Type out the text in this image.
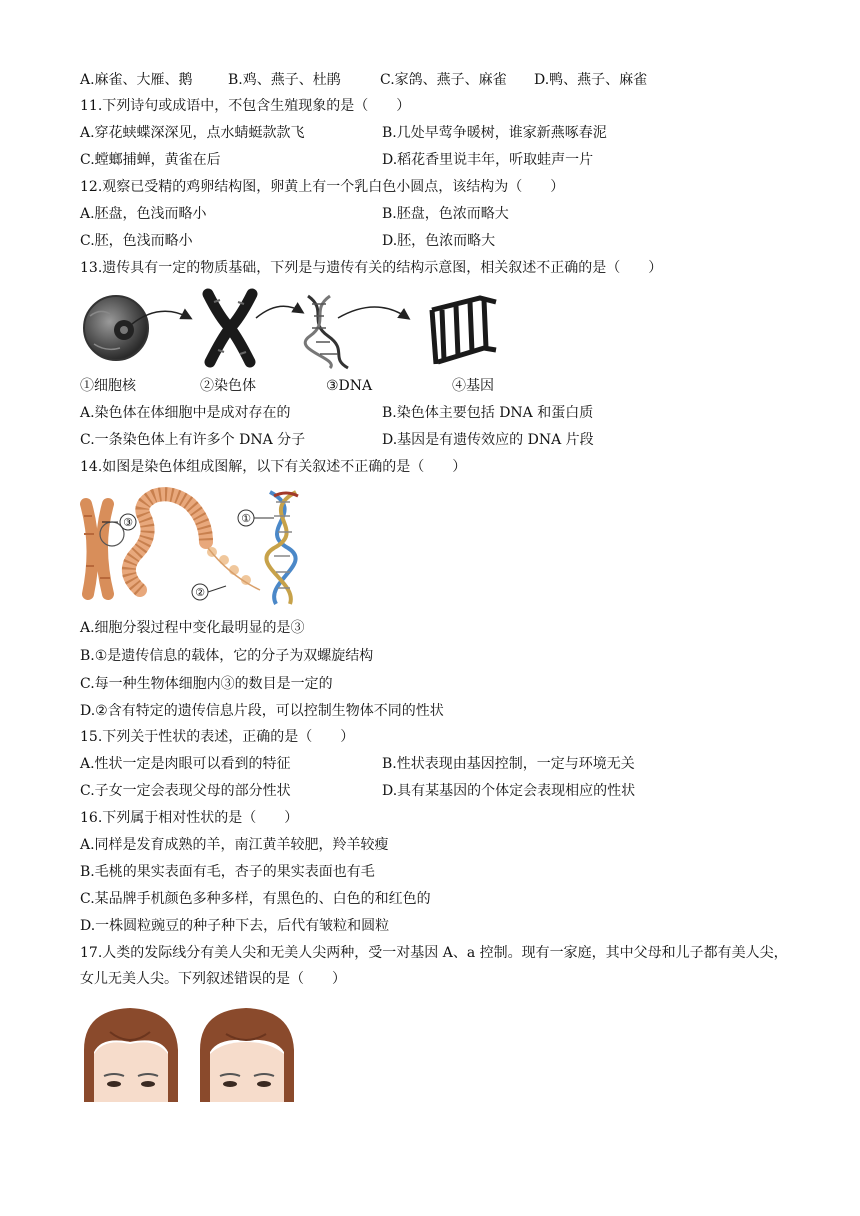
A.麻雀、大雁、鹅	B.鸡、燕子、杜鹃	C.家鸽、燕子、麻雀 D.鸭、燕子、麻雀
11.下列诗句或成语中，不包含生殖现象的是（　　）
A.穿花蛱蝶深深见，点水蜻蜓款款飞	B.几处早莺争暖树，谁家新燕啄春泥
C.螳螂捕蝉，黄雀在后	D.稻花香里说丰年，听取蛙声一片
12.观察已受精的鸡卵结构图，卵黄上有一个乳白色小圆点，该结构为（　　）
A.胚盘，色浅而略小	B.胚盘，色浓而略大
C.胚，色浅而略小	D.胚，色浓而略大
13.遗传具有一定的物质基础，下列是与遗传有关的结构示意图，相关叙述不正确的是（　　）
①细胞核	②染色体	③DNA	④基因
A.染色体在体细胞中是成对存在的	B.染色体主要包括 DNA 和蛋白质
C.一条染色体上有许多个 DNA 分子	D.基因是有遗传效应的 DNA 片段
14.如图是染色体组成图解，以下有关叙述不正确的是（　　）
③	①
②
A.细胞分裂过程中变化最明显的是③
B.①是遗传信息的载体，它的分子为双螺旋结构
C.每一种生物体细胞内③的数目是一定的
D.②含有特定的遗传信息片段，可以控制生物体不同的性状
15.下列关于性状的表述，正确的是（　　）
A.性状一定是肉眼可以看到的特征	B.性状表现由基因控制，一定与环境无关
C.子女一定会表现父母的部分性状	D.具有某基因的个体定会表现相应的性状
16.下列属于相对性状的是（　　）
A.同样是发育成熟的羊，南江黄羊较肥，羚羊较瘦
B.毛桃的果实表面有毛，杏子的果实表面也有毛
C.某品牌手机颜色多种多样，有黑色的、白色的和红色的
D.一株圆粒豌豆的种子种下去，后代有皱粒和圆粒
17.人类的发际线分有美人尖和无美人尖两种，受一对基因 A、a 控制。现有一家庭，其中父母和儿子都有美人尖，女儿无美人尖。下列叙述错误的是（　　）
